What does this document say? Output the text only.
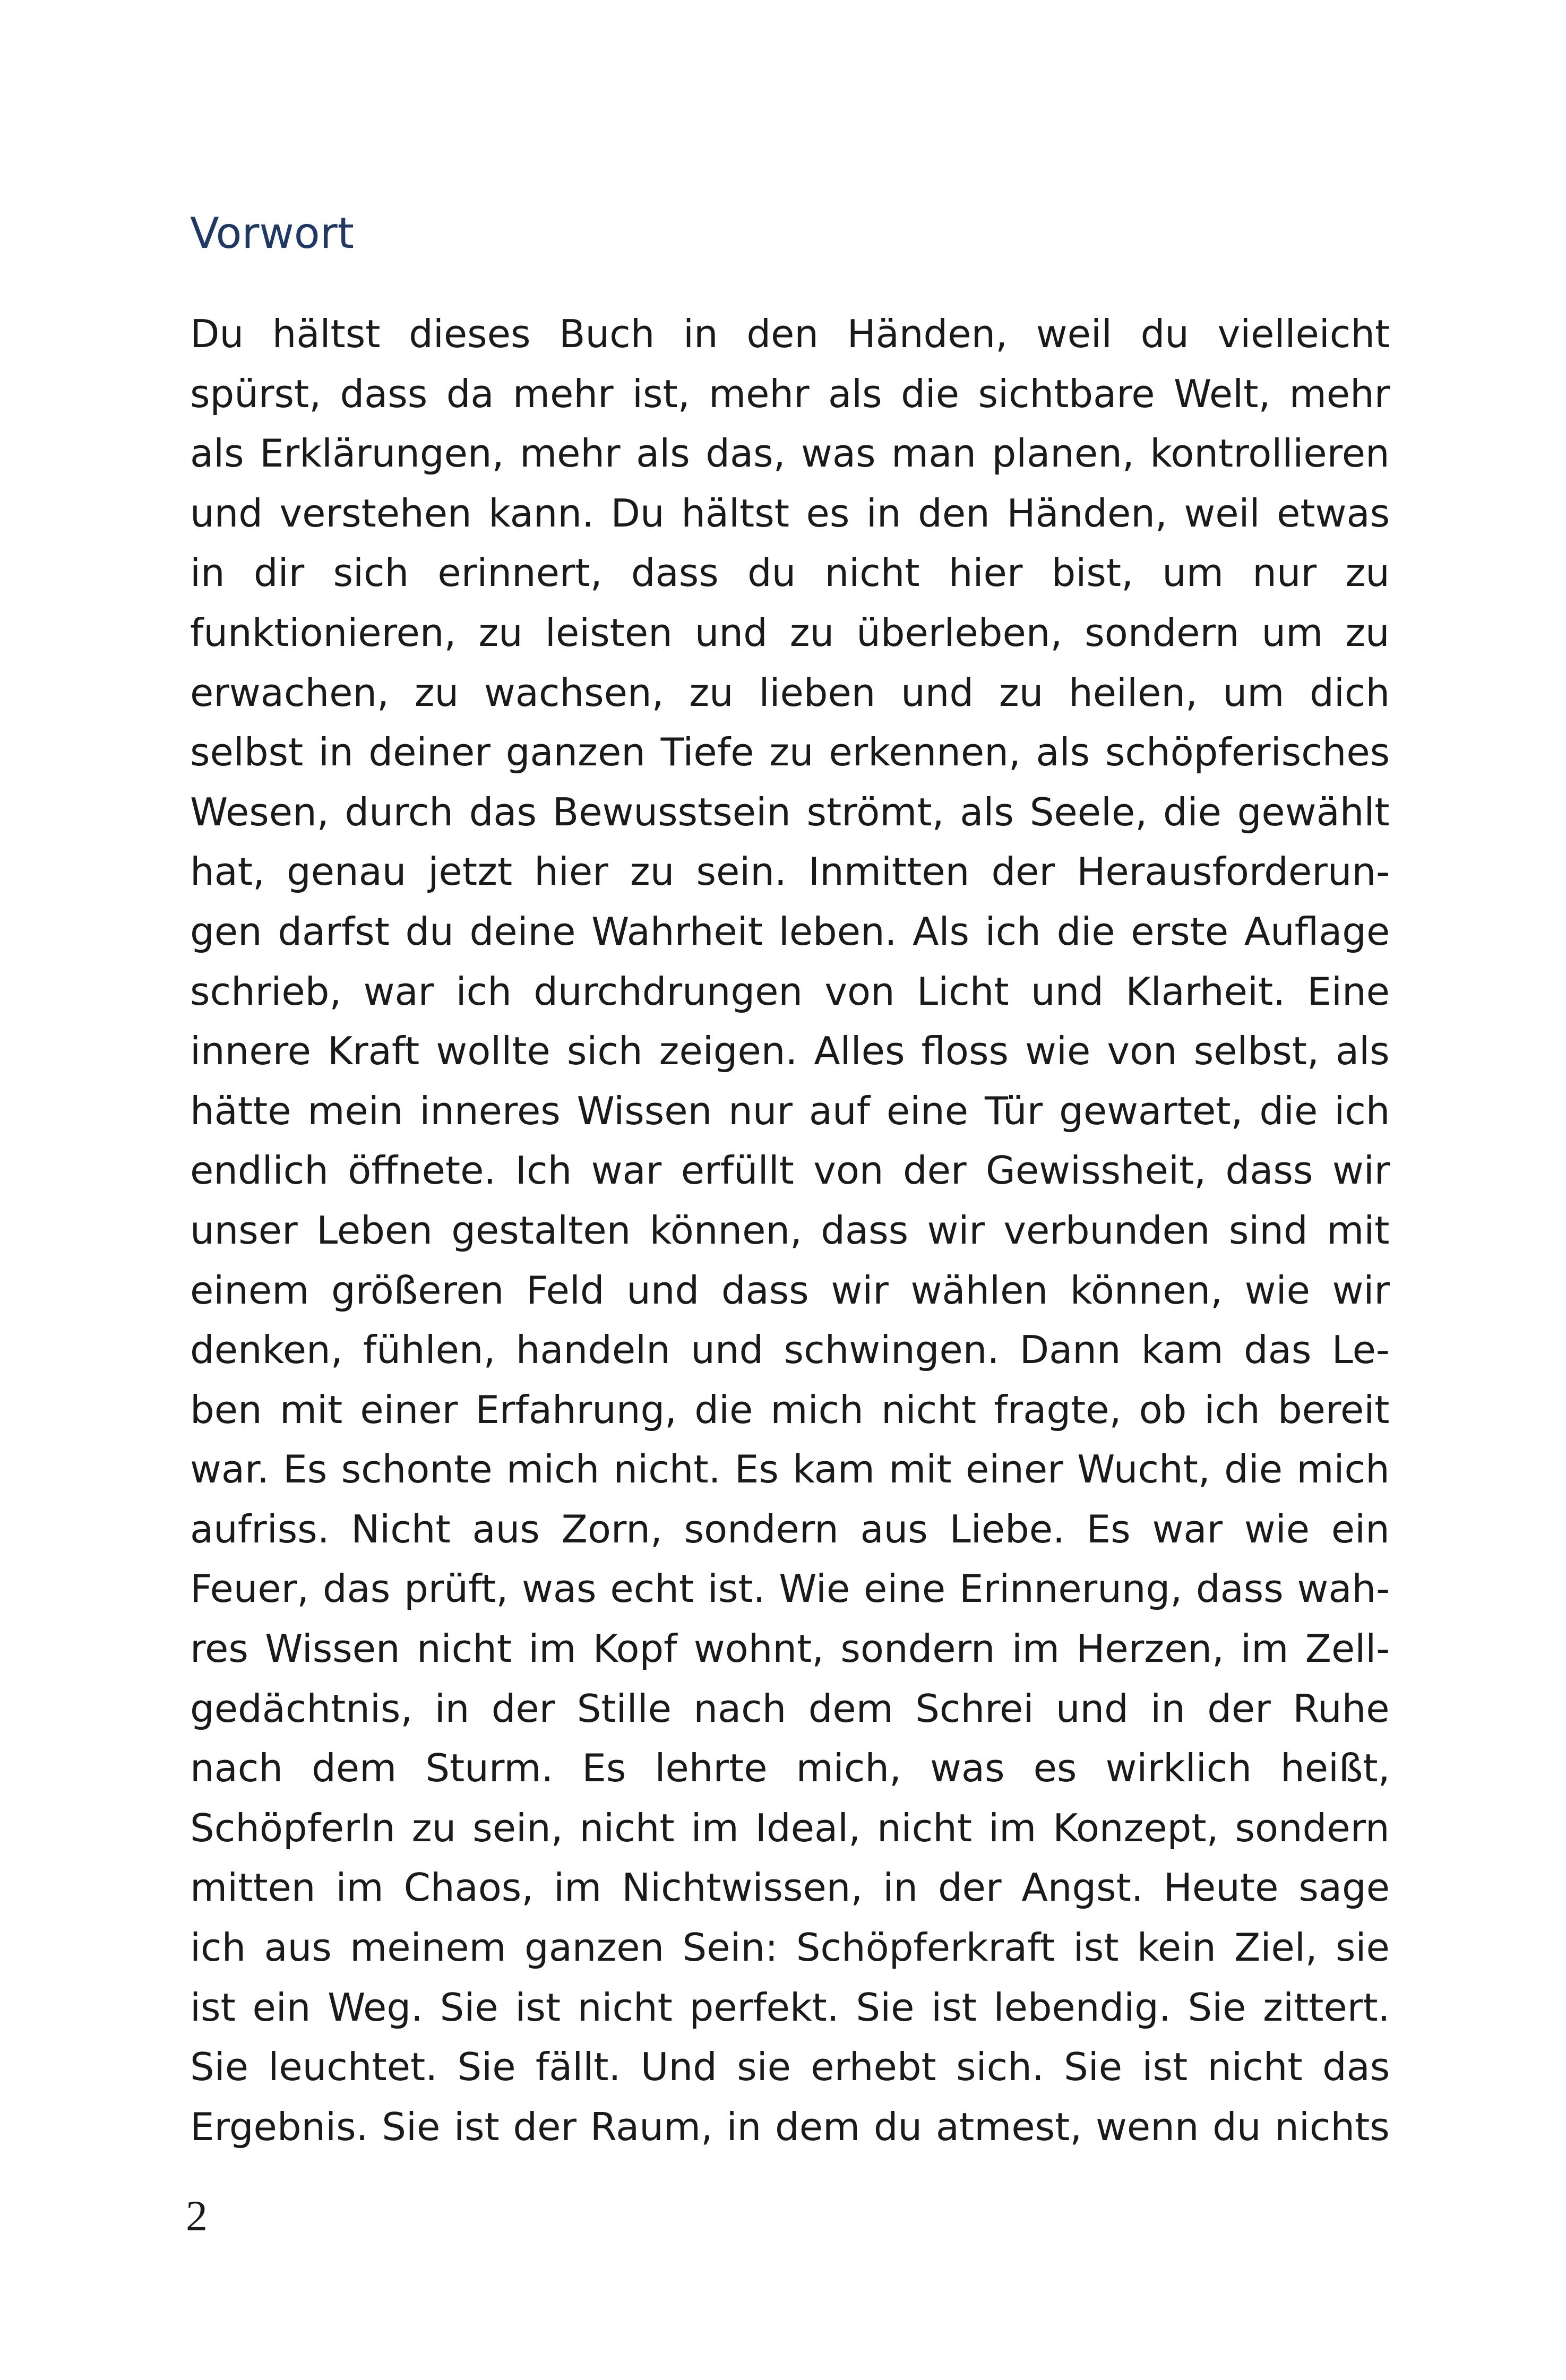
Vorwort
Du hältst dieses Buch in den Händen, weil du vielleicht
spürst, dass da mehr ist, mehr als die sichtbare Welt, mehr
als Erklärungen, mehr als das, was man planen, kontrollieren
und verstehen kann. Du hältst es in den Händen, weil etwas
in dir sich erinnert, dass du nicht hier bist, um nur zu
funktionieren, zu leisten und zu überleben, sondern um zu
erwachen, zu wachsen, zu lieben und zu heilen, um dich
selbst in deiner ganzen Tiefe zu erkennen, als schöpferisches
Wesen, durch das Bewusstsein strömt, als Seele, die gewählt
hat, genau jetzt hier zu sein. Inmitten der Herausforderun-
gen darfst du deine Wahrheit leben. Als ich die erste Auflage
schrieb, war ich durchdrungen von Licht und Klarheit. Eine
innere Kraft wollte sich zeigen. Alles floss wie von selbst, als
hätte mein inneres Wissen nur auf eine Tür gewartet, die ich
endlich öffnete. Ich war erfüllt von der Gewissheit, dass wir
unser Leben gestalten können, dass wir verbunden sind mit
einem größeren Feld und dass wir wählen können, wie wir
denken, fühlen, handeln und schwingen. Dann kam das Le-
ben mit einer Erfahrung, die mich nicht fragte, ob ich bereit
war. Es schonte mich nicht. Es kam mit einer Wucht, die mich
aufriss. Nicht aus Zorn, sondern aus Liebe. Es war wie ein
Feuer, das prüft, was echt ist. Wie eine Erinnerung, dass wah-
res Wissen nicht im Kopf wohnt, sondern im Herzen, im Zell-
gedächtnis, in der Stille nach dem Schrei und in der Ruhe
nach dem Sturm. Es lehrte mich, was es wirklich heißt,
SchöpferIn zu sein, nicht im Ideal, nicht im Konzept, sondern
mitten im Chaos, im Nichtwissen, in der Angst. Heute sage
ich aus meinem ganzen Sein: Schöpferkraft ist kein Ziel, sie
ist ein Weg. Sie ist nicht perfekt. Sie ist lebendig. Sie zittert.
Sie leuchtet. Sie fällt. Und sie erhebt sich. Sie ist nicht das
Ergebnis. Sie ist der Raum, in dem du atmest, wenn du nichts
2
